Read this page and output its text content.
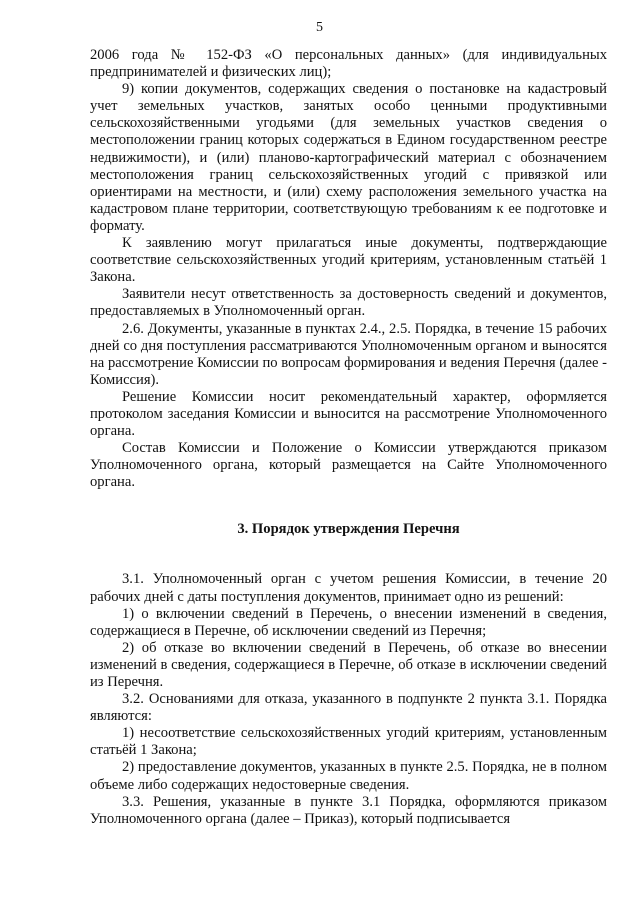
5

2006 года № 152-ФЗ «О персональных данных» (для индивидуальных предпринимателей и физических лиц);

9) копии документов, содержащих сведения о постановке на кадастровый учет земельных участков, занятых особо ценными продуктивными сельскохозяйственными угодьями (для земельных участков сведения о местоположении границ которых содержаться в Едином государственном реестре недвижимости), и (или) планово-картографический материал с обозначением местоположения границ сельскохозяйственных угодий с привязкой или ориентирами на местности, и (или) схему расположения земельного участка на кадастровом плане территории, соответствующую требованиям к ее подготовке и формату.

К заявлению могут прилагаться иные документы, подтверждающие соответствие сельскохозяйственных угодий критериям, установленным статьёй 1 Закона.

Заявители несут ответственность за достоверность сведений и документов, предоставляемых в Уполномоченный орган.

2.6. Документы, указанные в пунктах 2.4., 2.5. Порядка, в течение 15 рабочих дней со дня поступления рассматриваются Уполномоченным органом и выносятся на рассмотрение Комиссии по вопросам формирования и ведения Перечня (далее - Комиссия).

Решение Комиссии носит рекомендательный характер, оформляется протоколом заседания Комиссии и выносится на рассмотрение Уполномоченного органа.

Состав Комиссии и Положение о Комиссии утверждаются приказом Уполномоченного органа, который размещается на Сайте Уполномоченного органа.

3. Порядок утверждения Перечня

3.1. Уполномоченный орган с учетом решения Комиссии, в течение 20 рабочих дней с даты поступления документов, принимает одно из решений:

1) о включении сведений в Перечень, о внесении изменений в сведения, содержащиеся в Перечне, об исключении сведений из Перечня;

2) об отказе во включении сведений в Перечень, об отказе во внесении изменений в сведения, содержащиеся в Перечне, об отказе в исключении сведений из Перечня.

3.2. Основаниями для отказа, указанного в подпункте 2 пункта 3.1. Порядка являются:

1) несоответствие сельскохозяйственных угодий критериям, установленным статьёй 1 Закона;

2) предоставление документов, указанных в пункте 2.5. Порядка, не в полном объеме либо содержащих недостоверные сведения.

3.3. Решения, указанные в пункте 3.1 Порядка, оформляются приказом Уполномоченного органа (далее – Приказ), который подписывается
